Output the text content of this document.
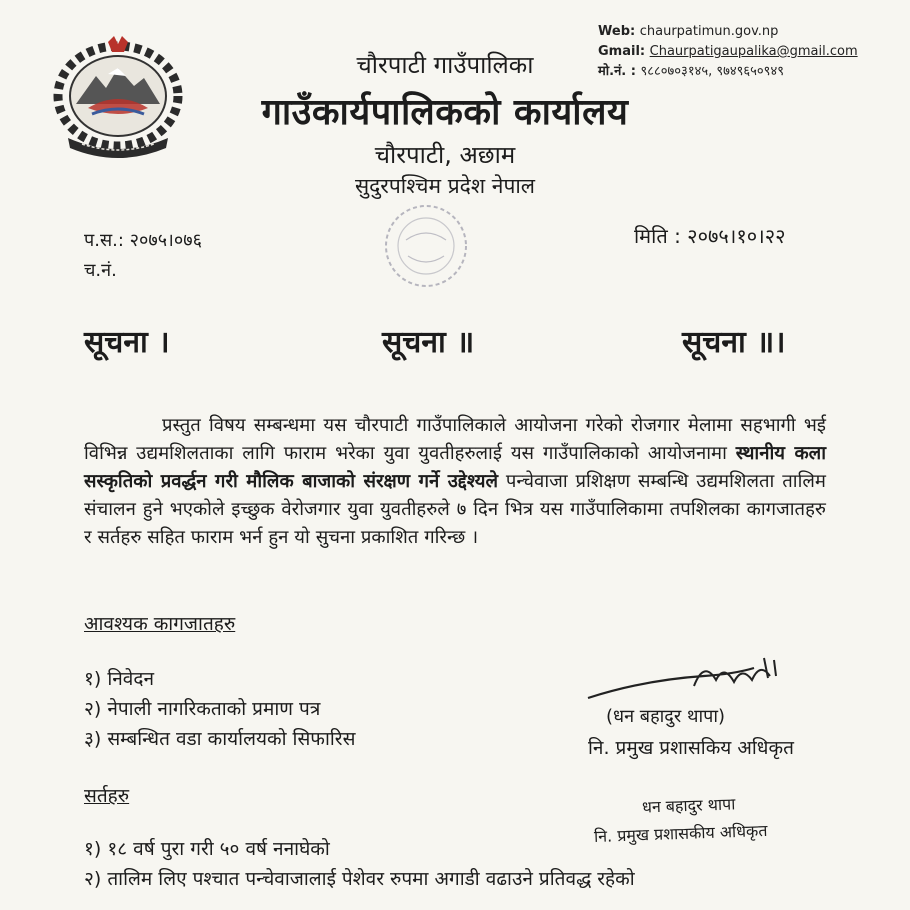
चौरपाटी गाउँपालिका
गाउँकार्यपालिकको कार्यालय
चौरपाटी, अछाम
सुदुरपश्चिम प्रदेश नेपाल
Web: chaurpatimun.gov.np
Gmail: Chaurpatigaupalika@gmail.com
मो.नं. : ९८८०७०३१४५, ९७४९६५०९४९
प.स.: २०७५।०७६
च.नं.
मिति : २०७५।१०।२२
सूचना ।	सूचना ॥	सूचना ॥।
प्रस्तुत विषय सम्बन्धमा यस चौरपाटी गाउँपालिकाले आयोजना गरेको रोजगार मेलामा सहभागी भई विभिन्न उद्यमशिलताका लागि फाराम भरेका युवा युवतीहरुलाई यस गाउँपालिकाको आयोजनामा स्थानीय कला सस्कृतिको प्रवर्द्धन गरी मौलिक बाजाको संरक्षण गर्ने उद्देश्यले पन्चेवाजा प्रशिक्षण सम्बन्धि उद्यमशिलता तालिम संचालन हुने भएकोले इच्छुक वेरोजगार युवा युवतीहरुले ७ दिन भित्र यस गाउँपालिकामा तपशिलका कागजातहरु र सर्तहरु सहित फाराम भर्न हुन यो सुचना प्रकाशित गरिन्छ ।
आवश्यक कागजातहरु
१) निवेदन
२) नेपाली नागरिकताको प्रमाण पत्र
३) सम्बन्धित वडा कार्यालयको सिफारिस
सर्तहरु
१) १८ वर्ष पुरा गरी ५० वर्ष ननाघेको
२) तालिम लिए पश्चात पन्चेवाजालाई पेशेवर रुपमा अगाडी वढाउने प्रतिवद्ध रहेको
(धन बहादुर थापा)
नि. प्रमुख प्रशासकिय अधिकृत
धन बहादुर थापा
नि. प्रमुख प्रशासकीय अधिकृत
